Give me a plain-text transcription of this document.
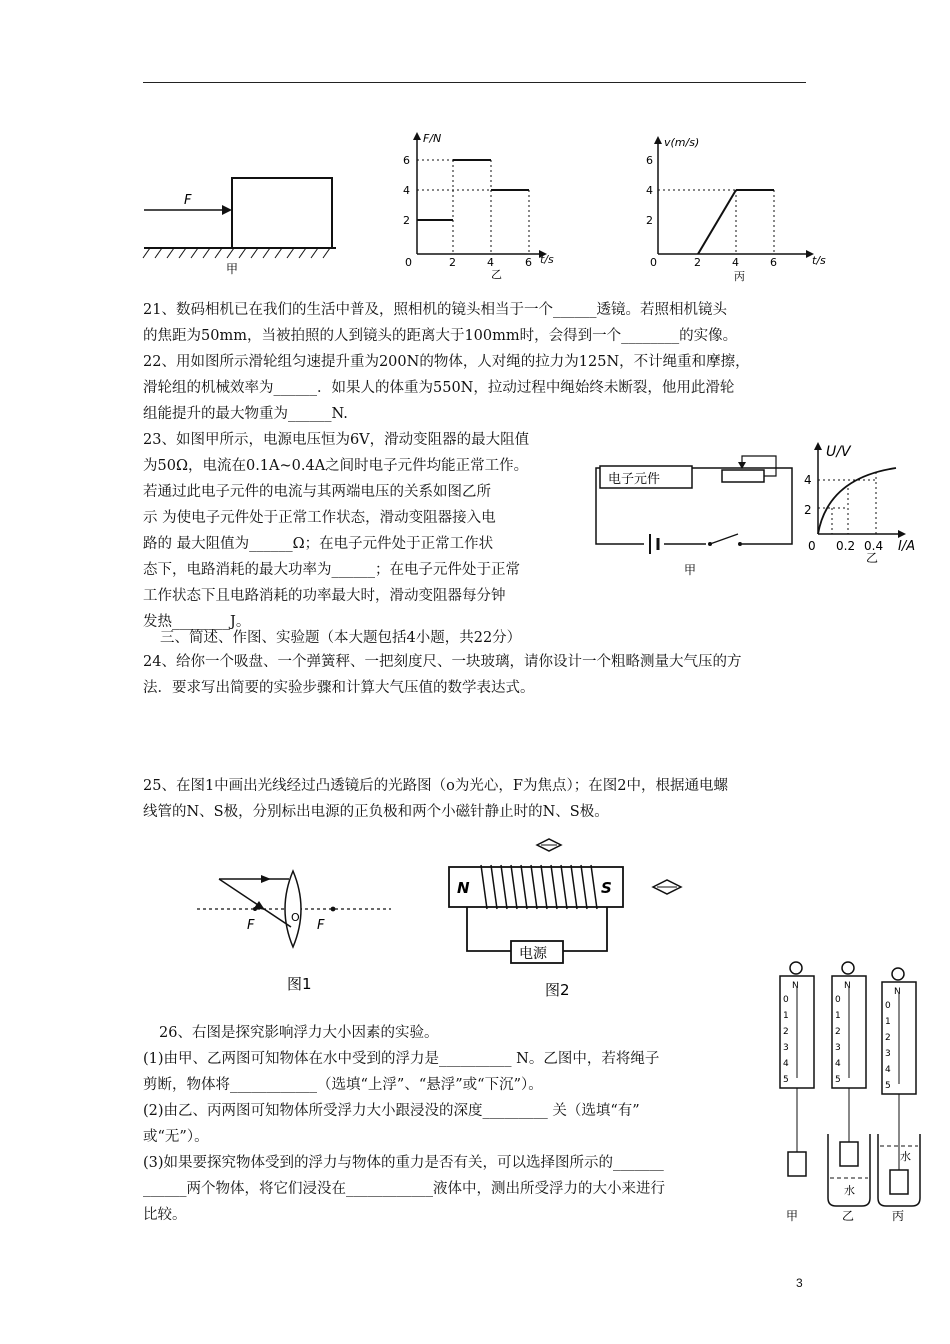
F
甲
F/N
6
4
2
0	2	4	6
乙
t/s
v(m/s)
6
4
2
0	2	4	6	t/s
丙
21、数码相机已在我们的生活中普及，照相机的镜头相当于一个______透镜。若照相机镜头
的焦距为50mm，当被拍照的人到镜头的距离大于100mm时，会得到一个________的实像。
22、用如图所示滑轮组匀速提升重为200N的物体，人对绳的拉力为125N，不计绳重和摩擦，
滑轮组的机械效率为______．如果人的体重为550N，拉动过程中绳始终未断裂，他用此滑轮
组能提升的最大物重为______N.
23、如图甲所示，电源电压恒为6V，滑动变阻器的最大阻值
为50Ω，电流在0.1A~0.4A之间时电子元件均能正常工作。
若通过此电子元件的电流与其两端电压的关系如图乙所
示 为使电子元件处于正常工作状态，滑动变阻器接入电
路的 最大阻值为______Ω；在电子元件处于正常工作状
态下，电路消耗的最大功率为______；在电子元件处于正常
工作状态下且电路消耗的功率最大时，滑动变阻器每分钟
发热________J。
电子元件
甲
U/V
4
2
0 0.2 0.4 I/A
乙
三、简述、作图、实验题（本大题包括4小题，共22分）
24、给你一个吸盘、一个弹簧秤、一把刻度尺、一块玻璃，请你设计一个粗略测量大气压的方
法．要求写出简要的实验步骤和计算大气压值的数学表达式。
25、在图1中画出光线经过凸透镜后的光路图（o为光心，F为焦点）；在图2中，根据通电螺
线管的N、S极，分别标出电源的正负极和两个小磁针静止时的N、S极。
F
O
F
图1
N	S
电源
图2
26、右图是探究影响浮力大小因素的实验。
(1)由甲、乙两图可知物体在水中受到的浮力是__________ N。乙图中，若将绳子
剪断，物体将____________（选填“上浮”、“悬浮”或“下沉”）。
(2)由乙、丙两图可知物体所受浮力大小跟浸没的深度_________ 关（选填“有”
或“无”）。
(3)如果要探究物体受到的浮力与物体的重力是否有关，可以选择图所示的_______
______两个物体，将它们浸没在____________液体中，测出所受浮力的大小来进行
比较。
N
0
1
2
3
4
5
甲
N
0
1
2
3
4
5
水
乙
N
0
1
2
3
4
5
水
丙
3
